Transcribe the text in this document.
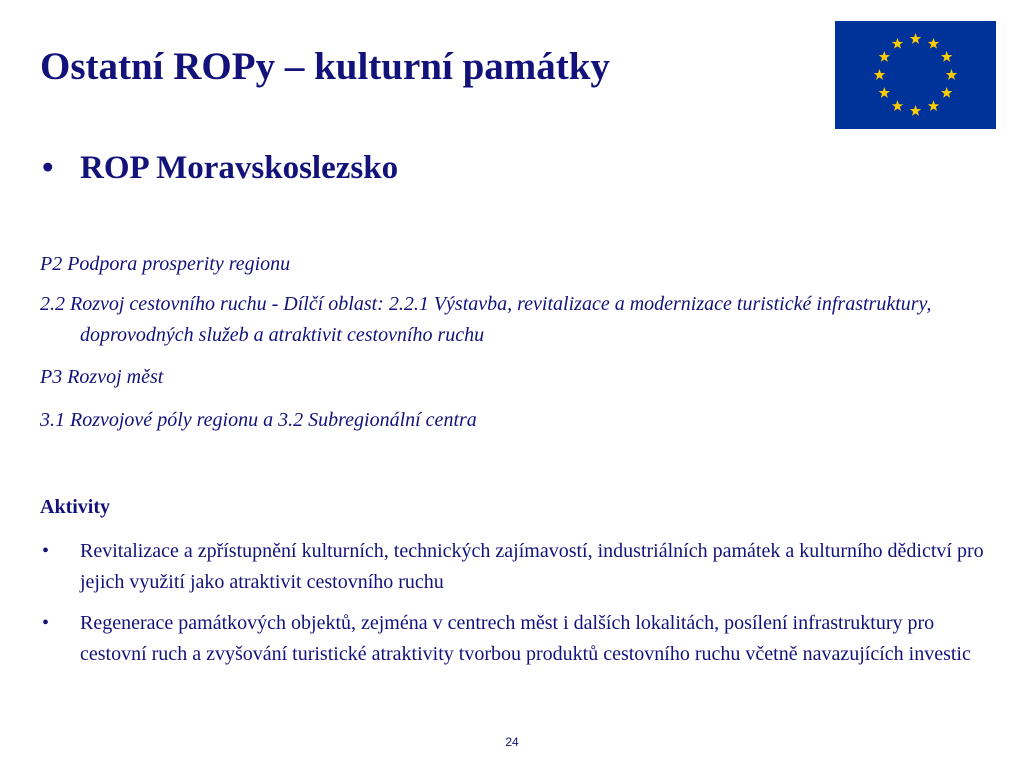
Ostatní ROPy – kulturní památky
• ROP Moravskoslezsko

P2 Podpora prosperity regionu

2.2 Rozvoj cestovního ruchu - Dílčí oblast: 2.2.1 Výstavba, revitalizace a modernizace turistické infrastruktury, doprovodných služeb a atraktivit cestovního ruchu

P3 Rozvoj měst

3.1 Rozvojové póly regionu a 3.2 Subregionální centra

Aktivity

• Revitalizace a zpřístupnění kulturních, technických zajímavostí, industriálních památek a kulturního dědictví pro jejich využití jako atraktivit cestovního ruchu
• Regenerace památkových objektů, zejména v centrech měst i dalších lokalitách, posílení infrastruktury pro cestovní ruch a zvyšování turistické atraktivity tvorbou produktů cestovního ruchu včetně navazujících investic
24
